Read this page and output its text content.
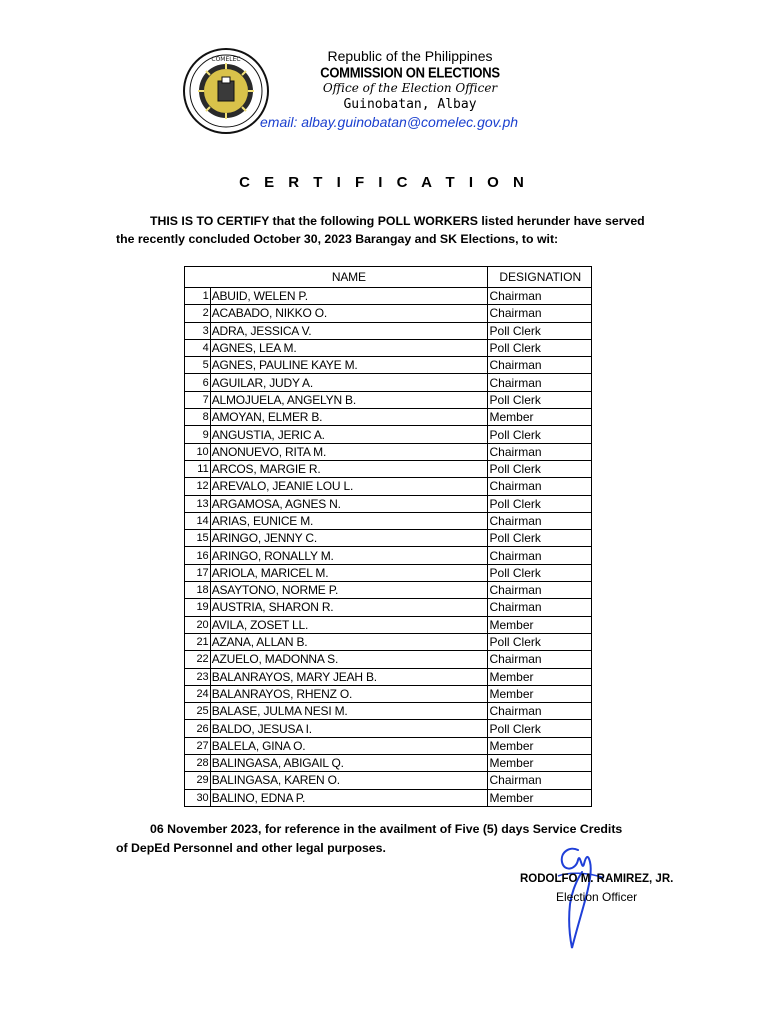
COMELEC	Republic of the Philippines
COMMISSION ON ELECTIONS
Office of the Election Officer
Guinobatan, Albay
email: albay.guinobatan@comelec.gov.ph
C E R T I F I C A T I O N
THIS IS TO CERTIFY that the following POLL WORKERS listed herunder have served
the recently concluded October 30, 2023 Barangay and SK Elections, to wit:
	NAME	DESIGNATION
1	ABUID, WELEN P.	Chairman
2	ACABADO, NIKKO O.	Chairman
3	ADRA, JESSICA V.	Poll Clerk
4	AGNES, LEA M.	Poll Clerk
5	AGNES, PAULINE KAYE M.	Chairman
6	AGUILAR, JUDY A.	Chairman
7	ALMOJUELA, ANGELYN B.	Poll Clerk
8	AMOYAN, ELMER B.	Member
9	ANGUSTIA, JERIC A.	Poll Clerk
10	ANONUEVO, RITA M.	Chairman
11	ARCOS, MARGIE R.	Poll Clerk
12	AREVALO, JEANIE LOU L.	Chairman
13	ARGAMOSA, AGNES N.	Poll Clerk
14	ARIAS, EUNICE M.	Chairman
15	ARINGO, JENNY C.	Poll Clerk
16	ARINGO, RONALLY M.	Chairman
17	ARIOLA, MARICEL M.	Poll Clerk
18	ASAYTONO, NORME P.	Chairman
19	AUSTRIA, SHARON R.	Chairman
20	AVILA, ZOSET LL.	Member
21	AZANA, ALLAN B.	Poll Clerk
22	AZUELO, MADONNA S.	Chairman
23	BALANRAYOS, MARY JEAH B.	Member
24	BALANRAYOS, RHENZ O.	Member
25	BALASE, JULMA NESI M.	Chairman
26	BALDO, JESUSA I.	Poll Clerk
27	BALELA, GINA O.	Member
28	BALINGASA, ABIGAIL Q.	Member
29	BALINGASA, KAREN O.	Chairman
30	BALINO, EDNA P.	Member
06 November 2023, for reference in the availment of Five (5) days Service Credits
of DepEd Personnel and other legal purposes.
RODOLFO M. RAMIREZ, JR.
Election Officer
